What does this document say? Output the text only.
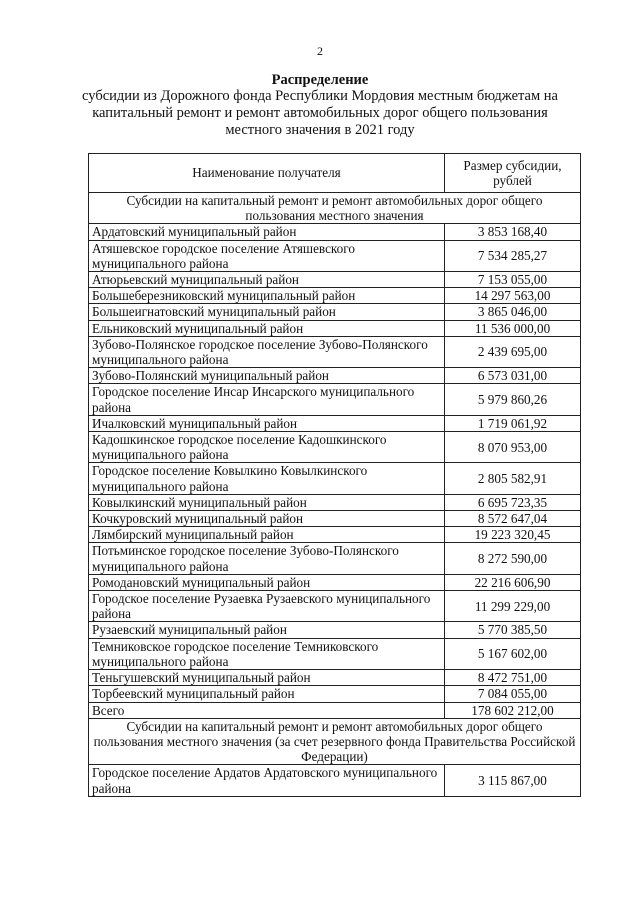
2
Распределение
субсидии из Дорожного фонда Республики Мордовия местным бюджетам на
капитальный ремонт и ремонт автомобильных дорог общего пользования
местного значения в 2021 году
Наименование получателя	Размер субсидии, рублей
Субсидии на капитальный ремонт и ремонт автомобильных дорог общего пользования местного значения	
Ардатовский муниципальный район	3 853 168,40
Атяшевское городское поселение Атяшевского муниципального района	7 534 285,27
Атюрьевский муниципальный район	7 153 055,00
Большеберезниковский муниципальный район	14 297 563,00
Большеигнатовский муниципальный район	3 865 046,00
Ельниковский муниципальный район	11 536 000,00
Зубово-Полянское городское поселение Зубово-Полянского муниципального района	2 439 695,00
Зубово-Полянский муниципальный район	6 573 031,00
Городское поселение Инсар Инсарского муниципального района	5 979 860,26
Ичалковский муниципальный район	1 719 061,92
Кадошкинское городское поселение Кадошкинского муниципального района	8 070 953,00
Городское поселение Ковылкино Ковылкинского муниципального района	2 805 582,91
Ковылкинский муниципальный район	6 695 723,35
Кочкуровский муниципальный район	8 572 647,04
Лямбирский муниципальный район	19 223 320,45
Потьминское городское поселение Зубово-Полянского муниципального района	8 272 590,00
Ромодановский муниципальный район	22 216 606,90
Городское поселение Рузаевка Рузаевского муниципального района	11 299 229,00
Рузаевский муниципальный район	5 770 385,50
Темниковское городское поселение Темниковского муниципального района	5 167 602,00
Теньгушевский муниципальный район	8 472 751,00
Торбеевский муниципальный район	7 084 055,00
Всего	178 602 212,00
Субсидии на капитальный ремонт и ремонт автомобильных дорог общего пользования местного значения (за счет резервного фонда Правительства Российской Федерации)	
Городское поселение Ардатов Ардатовского муниципального района	3 115 867,00
